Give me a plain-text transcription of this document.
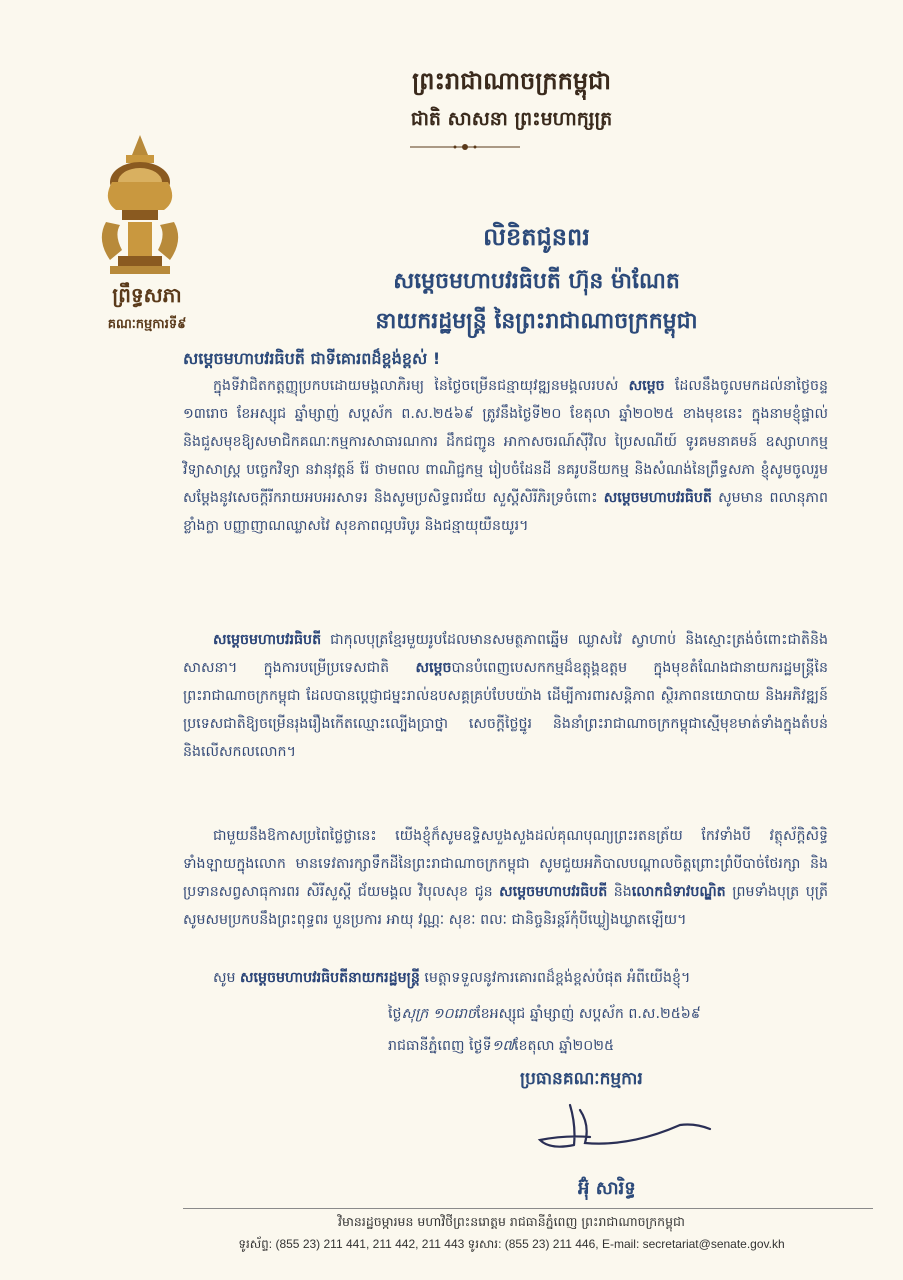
ព្រះរាជាណាចក្រកម្ពុជា
ជាតិ សាសនា ព្រះមហាក្សត្រ
ព្រឹទ្ធសភា
គណៈកម្មការទី៩
លិខិតជូនពរ
សម្តេចមហាបវរធិបតី ហ៊ុន ម៉ាណែត
នាយករដ្ឋមន្ត្រី នៃព្រះរាជាណាចក្រកម្ពុជា
សម្តេចមហាបវរធិបតី ជាទីគោរពដ៏ខ្ពង់ខ្ពស់ !
ក្នុងទីវាជិតកត្តញ្ញុប្រកបដោយមង្គលាភិរម្យ នៃថ្ងៃចម្រើនជន្មាយុវឌ្ឍនមង្គលរបស់ សម្តេច ដែលនឹងចូលមកដល់នាថ្ងៃចន្ទ ១៣រោច ខែអស្សុជ ឆ្នាំម្សាញ់ សប្តស័ក ព.ស.២៥៦៩ ត្រូវនឹងថ្ងៃទី២០ ខែតុលា ឆ្នាំ២០២៥ ខាងមុខនេះ ក្នុងនាមខ្ញុំផ្ទាល់ និងជួសមុខឱ្យសមាជិកគណៈកម្មការសាធារណការ ដឹកជញ្ជូន អាកាសចរណ៍ស៊ីវិល ប្រៃសណីយ៍ ទូរគមនាគមន៍ ឧស្សាហកម្ម វិទ្យាសាស្ត្រ បច្ចេកវិទ្យា នវានុវត្តន៍ រ៉ែ ថាមពល ពាណិជ្ជកម្ម រៀបចំដែនដី នគរូបនីយកម្ម និងសំណង់នៃព្រឹទ្ធសភា ខ្ញុំសូមចូលរួមសម្តែងនូវសេចក្តីរីករាយអបអរសាទរ និងសូមប្រសិទ្ធពរជ័យ សួស្តីសិរីភិរទ្រចំពោះ សម្តេចមហាបវរធិបតី សូមមាន ពលានុភាពខ្លាំងក្លា បញ្ញាញាណឈ្លាសវៃ សុខភាពល្អបរិបូរ និងជន្មាយុយឺនយូរ។
សម្តេចមហាបវរធិបតី ជាកុលបុត្រខ្មែរមួយរូបដែលមានសមត្ថភាពឆ្នើម ឈ្លាសវៃ ស្វាហាប់ និងស្មោះត្រង់ចំពោះជាតិនិងសាសនា។ ក្នុងការបម្រើប្រទេសជាតិ សម្តេចបានបំពេញបេសកកម្មដ៏ឧត្តុង្គឧត្តម ក្នុងមុខតំណែងជានាយករដ្ឋមន្ត្រីនៃព្រះរាជាណាចក្រកម្ពុជា ដែលបានប្តេជ្ញាជម្នះរាល់ឧបសគ្គគ្រប់បែបយ៉ាង ដើម្បីការពារសន្តិភាព ស្ថិរភាពនយោបាយ និងអភិវឌ្ឍន៍ប្រទេសជាតិឱ្យចម្រើនរុងរឿងកើតឈ្មោះល្បើងប្រាថ្នា សេចក្តីថ្លៃថ្នូរ និងនាំព្រះរាជាណាចក្រកម្ពុជាស្មើមុខមាត់ទាំងក្នុងតំបន់ និងលើសកលលោក។
ជាមួយនឹងឱកាសប្រពៃថ្លៃថ្លានេះ យើងខ្ញុំក៏សូមឧទ្ទិសបួងសួងដល់គុណបុណ្យព្រះរតនត្រ័យ កែវទាំងបី វត្ថុស័ក្តិសិទ្ធិទាំងឡាយក្នុងលោក មានទេវតារក្សាទឹកដីនៃព្រះរាជាណាចក្រកម្ពុជា សូមជួយអភិបាលបណ្ដាលចិត្តព្រោះព្រំបីបាច់ថែរក្សា និងប្រទានសព្វសាធុការពរ សិរីសួស្តី ជ័យមង្គល វិបុលសុខ ជូន សម្តេចមហាបវរធិបតី និងលោកជំទាវបណ្ឌិត ព្រមទាំងបុត្រ បុត្រី សូមសមប្រកបនឹងព្រះពុទ្ធពរ បួនប្រការ អាយុ វណ្ណៈ សុខៈ ពលៈ ជានិច្ចនិរន្តរ៍កុំបីឃ្លៀងឃ្លាតឡើយ។
សូម សម្តេចមហាបវរធិបតីនាយករដ្ឋមន្ត្រី មេត្តាទទួលនូវការគោរពដ៏ខ្ពង់ខ្ពស់បំផុត អំពីយើងខ្ញុំ។
ថ្ងៃសុក្រ ១០រោចខែអស្សុជ ឆ្នាំម្សាញ់ សប្តស័ក ព.ស.២៥៦៩
រាជធានីភ្នំពេញ ថ្ងៃទី១៧ខែតុលា ឆ្នាំ២០២៥
ប្រធានគណៈកម្មការ
អ៊ុំ សារិទ្ធ
វិមានរដ្ឋចម្ការមន មហាវិថីព្រះនរោត្តម រាជធានីភ្នំពេញ ព្រះរាជាណាចក្រកម្ពុជា
ទូរស័ព្ទ: (855 23) 211 441, 211 442, 211 443 ទូរសារ: (855 23) 211 446, E-mail: secretariat@senate.gov.kh
